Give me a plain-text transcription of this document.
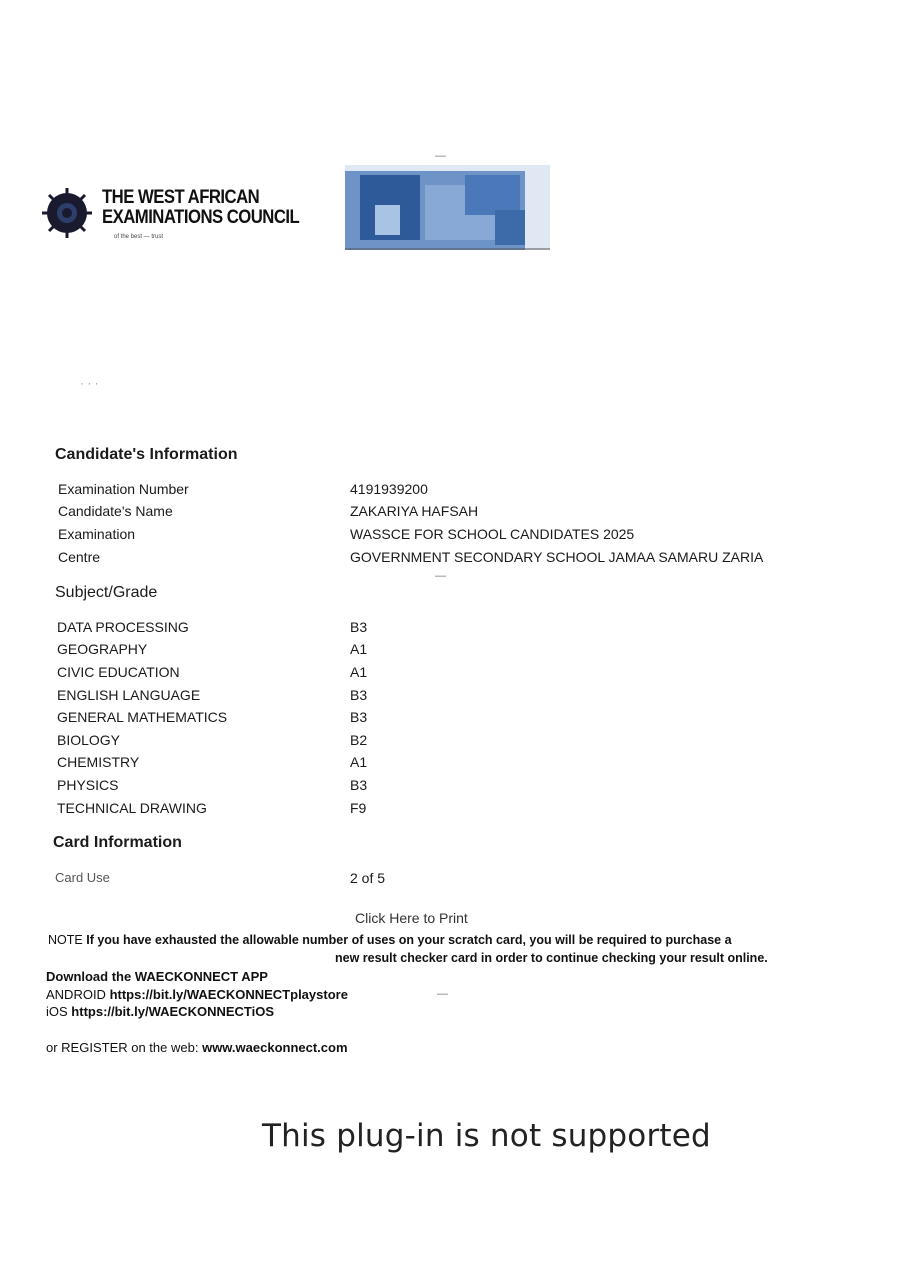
THE WEST AFRICAN
EXAMINATIONS COUNCIL
of the best — trust
—
· · ·
—
—
Candidate's Information
Examination Number	4191939200
Candidate's Name	ZAKARIYA HAFSAH
Examination	WASSCE FOR SCHOOL CANDIDATES 2025
Centre	GOVERNMENT SECONDARY SCHOOL JAMAA SAMARU ZARIA
Subject/Grade
DATA PROCESSING	B3
GEOGRAPHY	A1
CIVIC EDUCATION	A1
ENGLISH LANGUAGE	B3
GENERAL MATHEMATICS	B3
BIOLOGY	B2
CHEMISTRY	A1
PHYSICS	B3
TECHNICAL DRAWING	F9
Card Information
Card Use	2 of 5
Click Here to Print
NOTE If you have exhausted the allowable number of uses on your scratch card, you will be required to purchase a
new result checker card in order to continue checking your result online.
Download the WAECKONNECT APP
ANDROID https://bit.ly/WAECKONNECTplaystore
iOS https://bit.ly/WAECKONNECTiOS
or REGISTER on the web: www.waeckonnect.com
This plug-in is not supported
